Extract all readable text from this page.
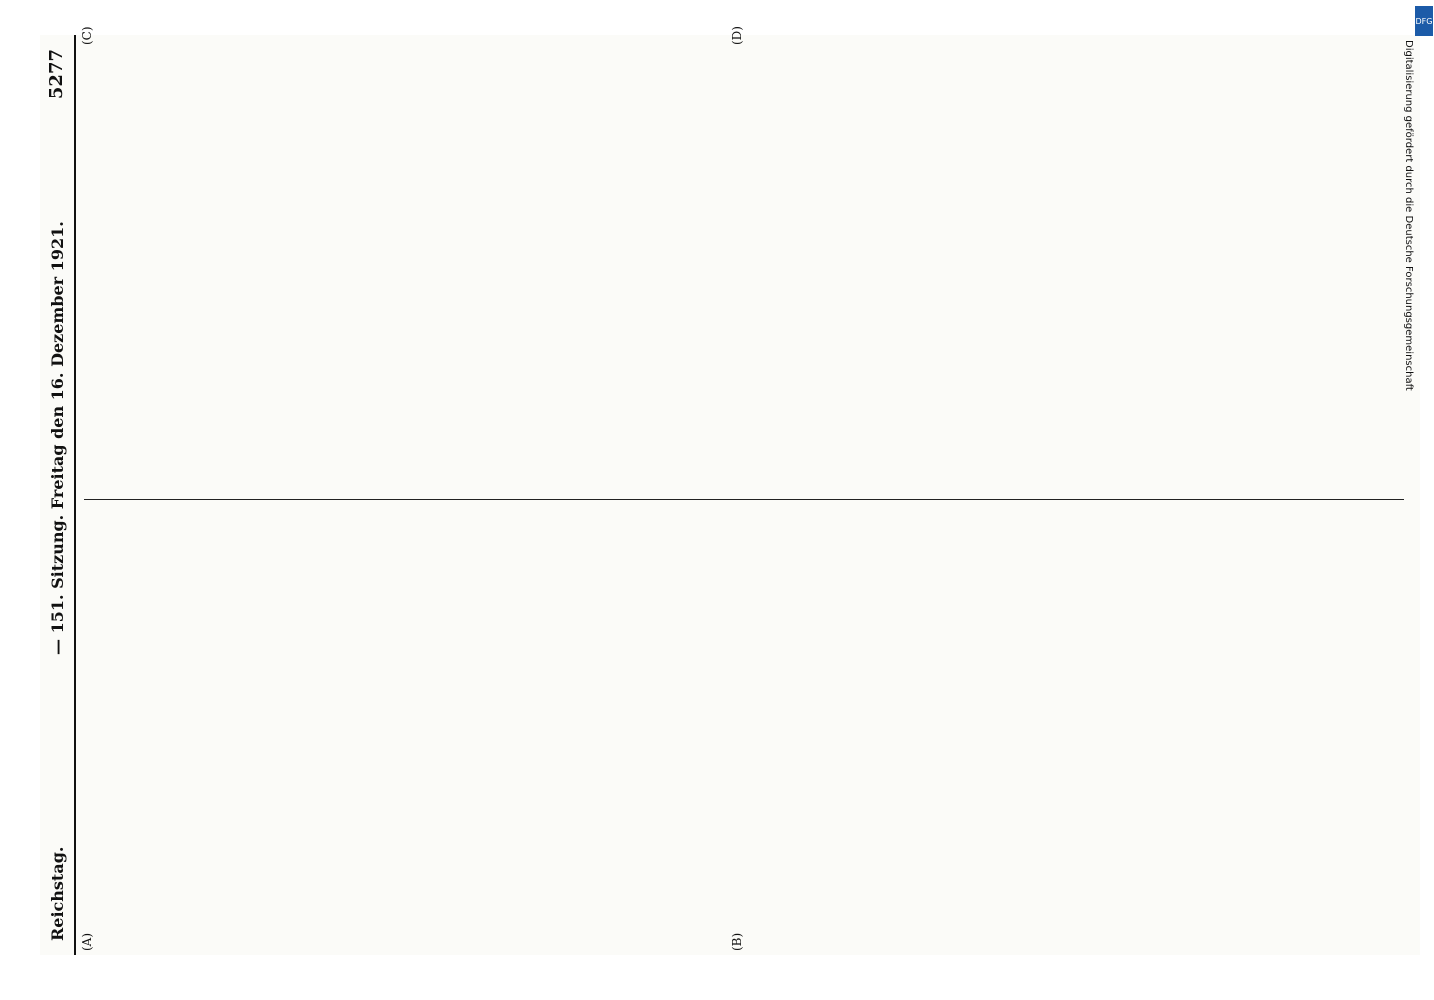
Reichstag.
— 151. Sitzung. Freitag den 16. Dezember 1921.
5277
(A)	(B)
(C)	(D)
DFG
Digitalisierung gefördert durch die Deutsche Forschungsgemeinschaft
